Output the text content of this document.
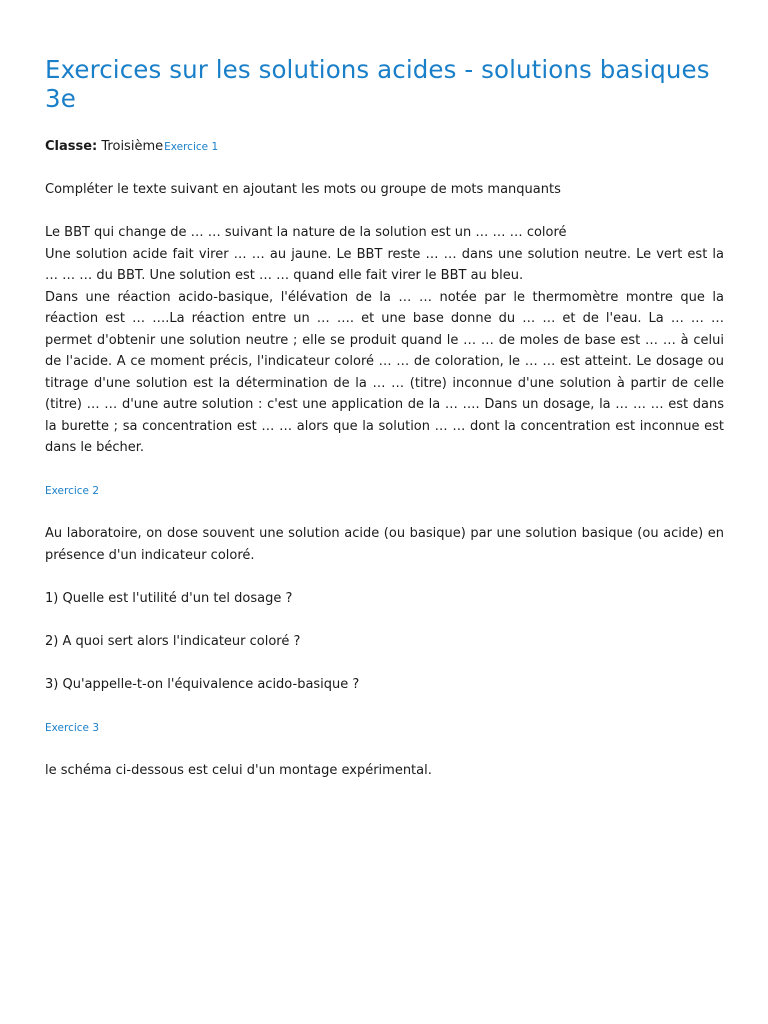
Exercices sur les solutions acides - solutions basiques 3e
Classe: TroisièmeExercice 1

Compléter le texte suivant en ajoutant les mots ou groupe de mots manquants

Le BBT qui change de … … suivant la nature de la solution est un … … … coloré
Une solution acide fait virer … … au jaune. Le BBT reste … … dans une solution neutre. Le vert est la
… … … du BBT. Une solution est … … quand elle fait virer le BBT au bleu.
Dans une réaction acido-basique, l'élévation de la … … notée par le thermomètre montre que la
réaction est … ….La réaction entre un … …. et une base donne du … … et de l'eau. La … … …
permet d'obtenir une solution neutre ; elle se produit quand le … … de moles de base est … … à celui
de l'acide. A ce moment précis, l'indicateur coloré … … de coloration, le … … est atteint. Le dosage ou
titrage d'une solution est la détermination de la … … (titre) inconnue d'une solution à partir de celle
(titre) … … d'une autre solution : c'est une application de la … …. Dans un dosage, la … … … est dans
la burette ; sa concentration est … … alors que la solution … … dont la concentration est inconnue est
dans le bécher.
Exercice 2

Au laboratoire, on dose souvent une solution acide (ou basique) par une solution basique (ou acide) en présence d'un indicateur coloré.

1) Quelle est l'utilité d'un tel dosage ?

2) A quoi sert alors l'indicateur coloré ?

3) Qu'appelle-t-on l'équivalence acido-basique ?

Exercice 3

le schéma ci-dessous est celui d'un montage expérimental.
